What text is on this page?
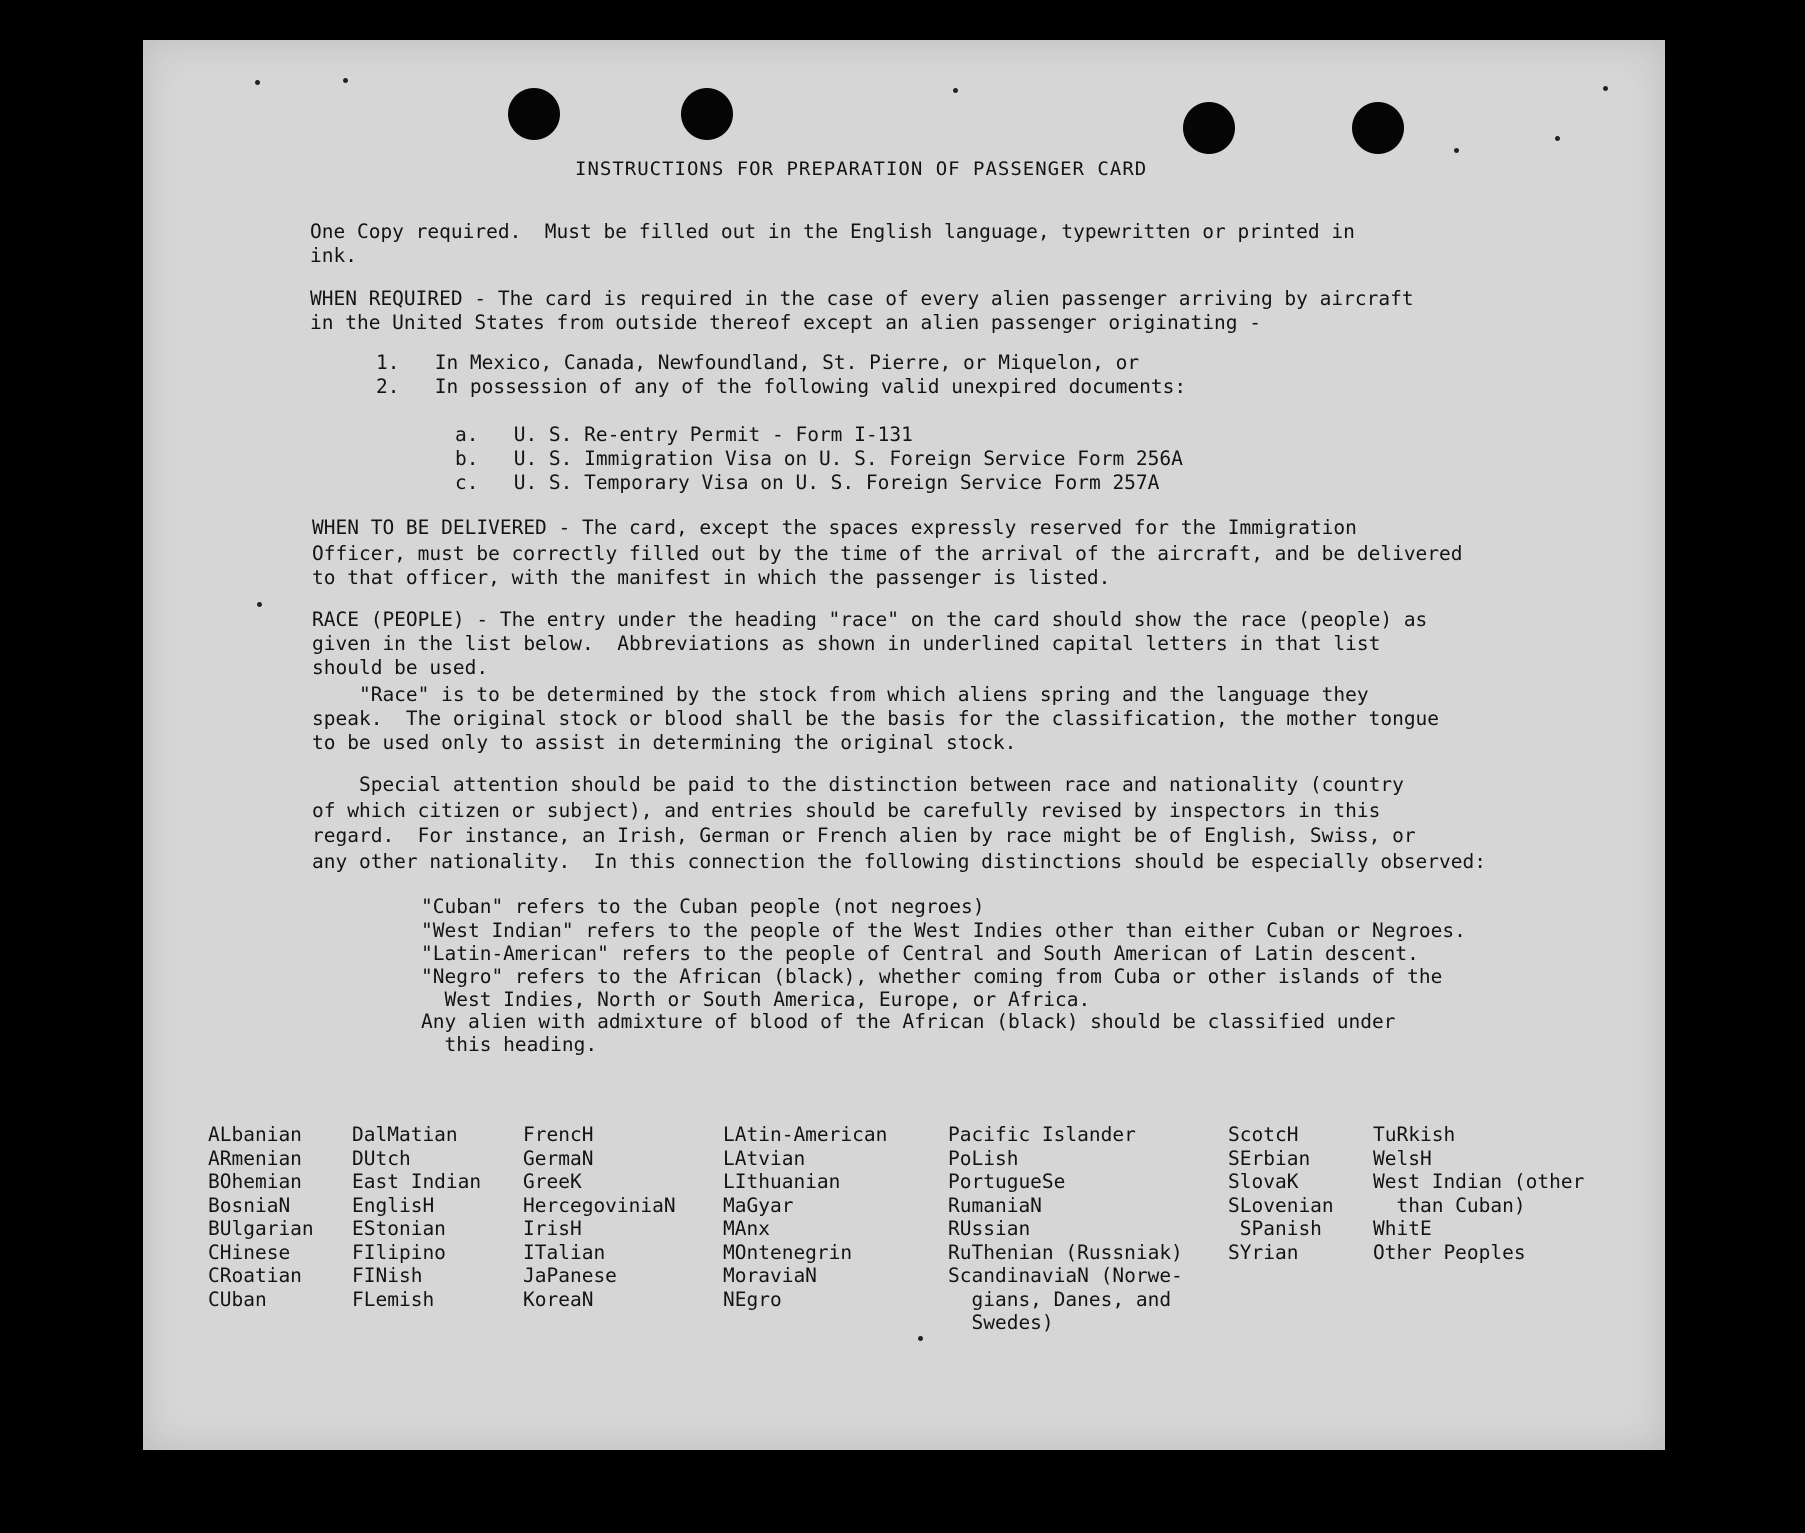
INSTRUCTIONS FOR PREPARATION OF PASSENGER CARD
One Copy required.  Must be filled out in the English language, typewritten or printed in
ink.
WHEN REQUIRED - The card is required in the case of every alien passenger arriving by aircraft
in the United States from outside thereof except an alien passenger originating -
1.   In Mexico, Canada, Newfoundland, St. Pierre, or Miquelon, or
2.   In possession of any of the following valid unexpired documents:
a.   U. S. Re-entry Permit - Form I-131
b.   U. S. Immigration Visa on U. S. Foreign Service Form 256A
c.   U. S. Temporary Visa on U. S. Foreign Service Form 257A
WHEN TO BE DELIVERED - The card, except the spaces expressly reserved for the Immigration
Officer, must be correctly filled out by the time of the arrival of the aircraft, and be delivered
to that officer, with the manifest in which the passenger is listed.
RACE (PEOPLE) - The entry under the heading "race" on the card should show the race (people) as
given in the list below.  Abbreviations as shown in underlined capital letters in that list
should be used.
"Race" is to be determined by the stock from which aliens spring and the language they
speak.  The original stock or blood shall be the basis for the classification, the mother tongue
to be used only to assist in determining the original stock.
Special attention should be paid to the distinction between race and nationality (country
of which citizen or subject), and entries should be carefully revised by inspectors in this
regard.  For instance, an Irish, German or French alien by race might be of English, Swiss, or
any other nationality.  In this connection the following distinctions should be especially observed:
"Cuban" refers to the Cuban people (not negroes)
"West Indian" refers to the people of the West Indies other than either Cuban or Negroes.
"Latin-American" refers to the people of Central and South American of Latin descent.
"Negro" refers to the African (black), whether coming from Cuba or other islands of the
West Indies, North or South America, Europe, or Africa.
Any alien with admixture of blood of the African (black) should be classified under
this heading.
ALbanian
ARmenian
BOhemian
BosniaN
BUlgarian
CHinese
CRoatian
CUban
DalMatian
DUtch
East Indian
EnglisH
EStonian
FIlipino
FINish
FLemish
FrencH
GermaN
GreeK
HercegoviniaN
IrisH
ITalian
JaPanese
KoreaN
LAtin-American
LAtvian
LIthuanian
MaGyar
MAnx
MOntenegrin
MoraviaN
NEgro
Pacific Islander
PoLish
PortugueSe
RumaniaN
RUssian
RuThenian (Russniak)
ScandinaviaN (Norwe-
gians, Danes, and
Swedes)
ScotcH
SErbian
SlovaK
SLovenian
SPanish
SYrian
TuRkish
WelsH
West Indian (other
than Cuban)
WhitE
Other Peoples
